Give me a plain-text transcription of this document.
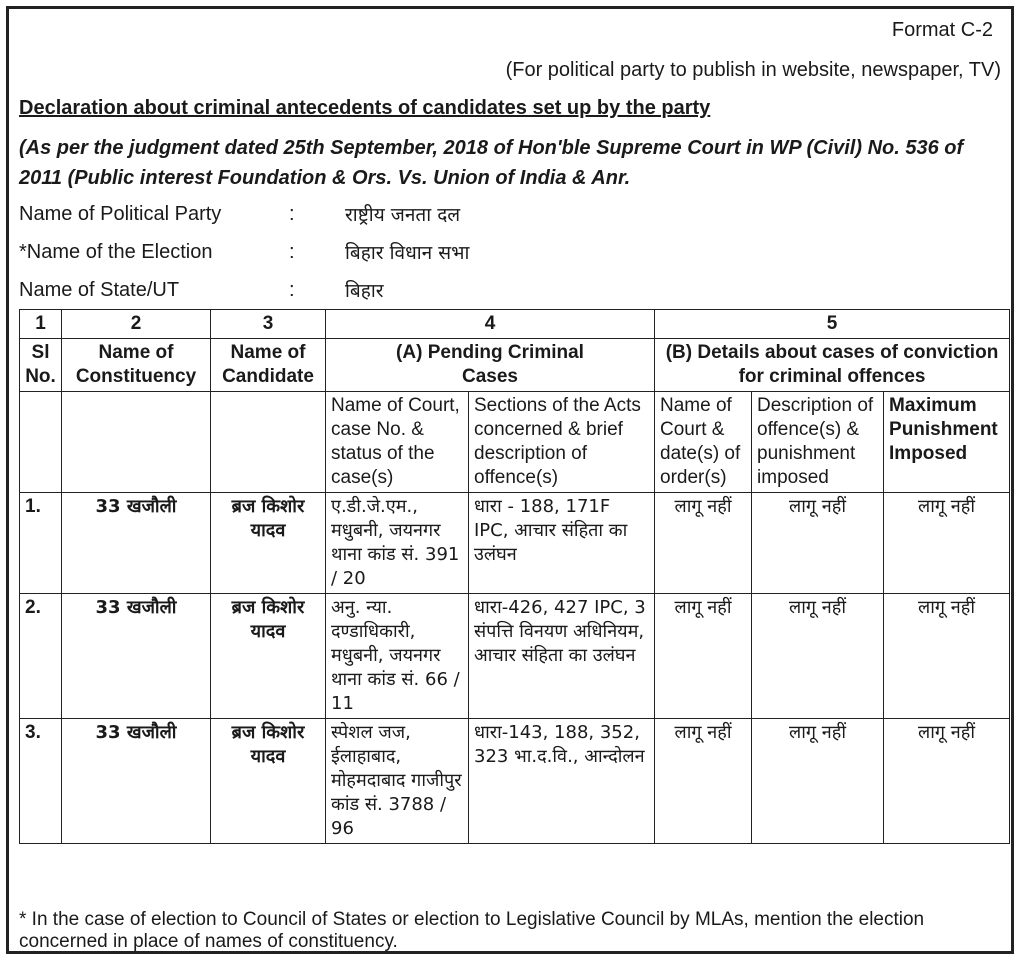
Format C-2
(For political party to publish in website, newspaper, TV)
Declaration about criminal antecedents of candidates set up by the party
(As per the judgment dated 25th September, 2018 of Hon'ble Supreme Court in WP (Civil) No. 536 of 2011 (Public interest Foundation & Ors. Vs. Union of India & Anr.
Name of Political Party	:	राष्ट्रीय जनता दल
*Name of the Election	:	बिहार विधान सभा
Name of State/UT	:	बिहार
1	2	3	4		5		
Sl No.	Name of Constituency	Name of Candidate	(A) Pending Criminal Cases		(B) Details about cases of conviction for criminal offences		
			Name of Court, case No. & status of the case(s)	Sections of the Acts concerned & brief description of offence(s)	Name of Court & date(s) of order(s)	Description of offence(s) & punishment imposed	Maximum Punishment Imposed
1.	33 खजौली	ब्रज किशोर यादव	ए.डी.जे.एम., मधुबनी, जयनगर थाना कांड सं. 391 / 20	धारा - 188, 171F IPC, आचार संहिता का उलंघन	लागू नहीं	लागू नहीं	लागू नहीं
2.	33 खजौली	ब्रज किशोर यादव	अनु. न्या. दण्डाधिकारी, मधुबनी, जयनगर थाना कांड सं. 66 / 11	धारा-426, 427 IPC, 3 संपत्ति विनयण अधिनियम, आचार संहिता का उलंघन	लागू नहीं	लागू नहीं	लागू नहीं
3.	33 खजौली	ब्रज किशोर यादव	स्पेशल जज, ईलाहाबाद, मोहमदाबाद गाजीपुर कांड सं. 3788 / 96	धारा-143, 188, 352, 323 भा.द.वि., आन्दोलन	लागू नहीं	लागू नहीं	लागू नहीं
* In the case of election to Council of States or election to Legislative Council by MLAs, mention the election concerned in place of names of constituency.
